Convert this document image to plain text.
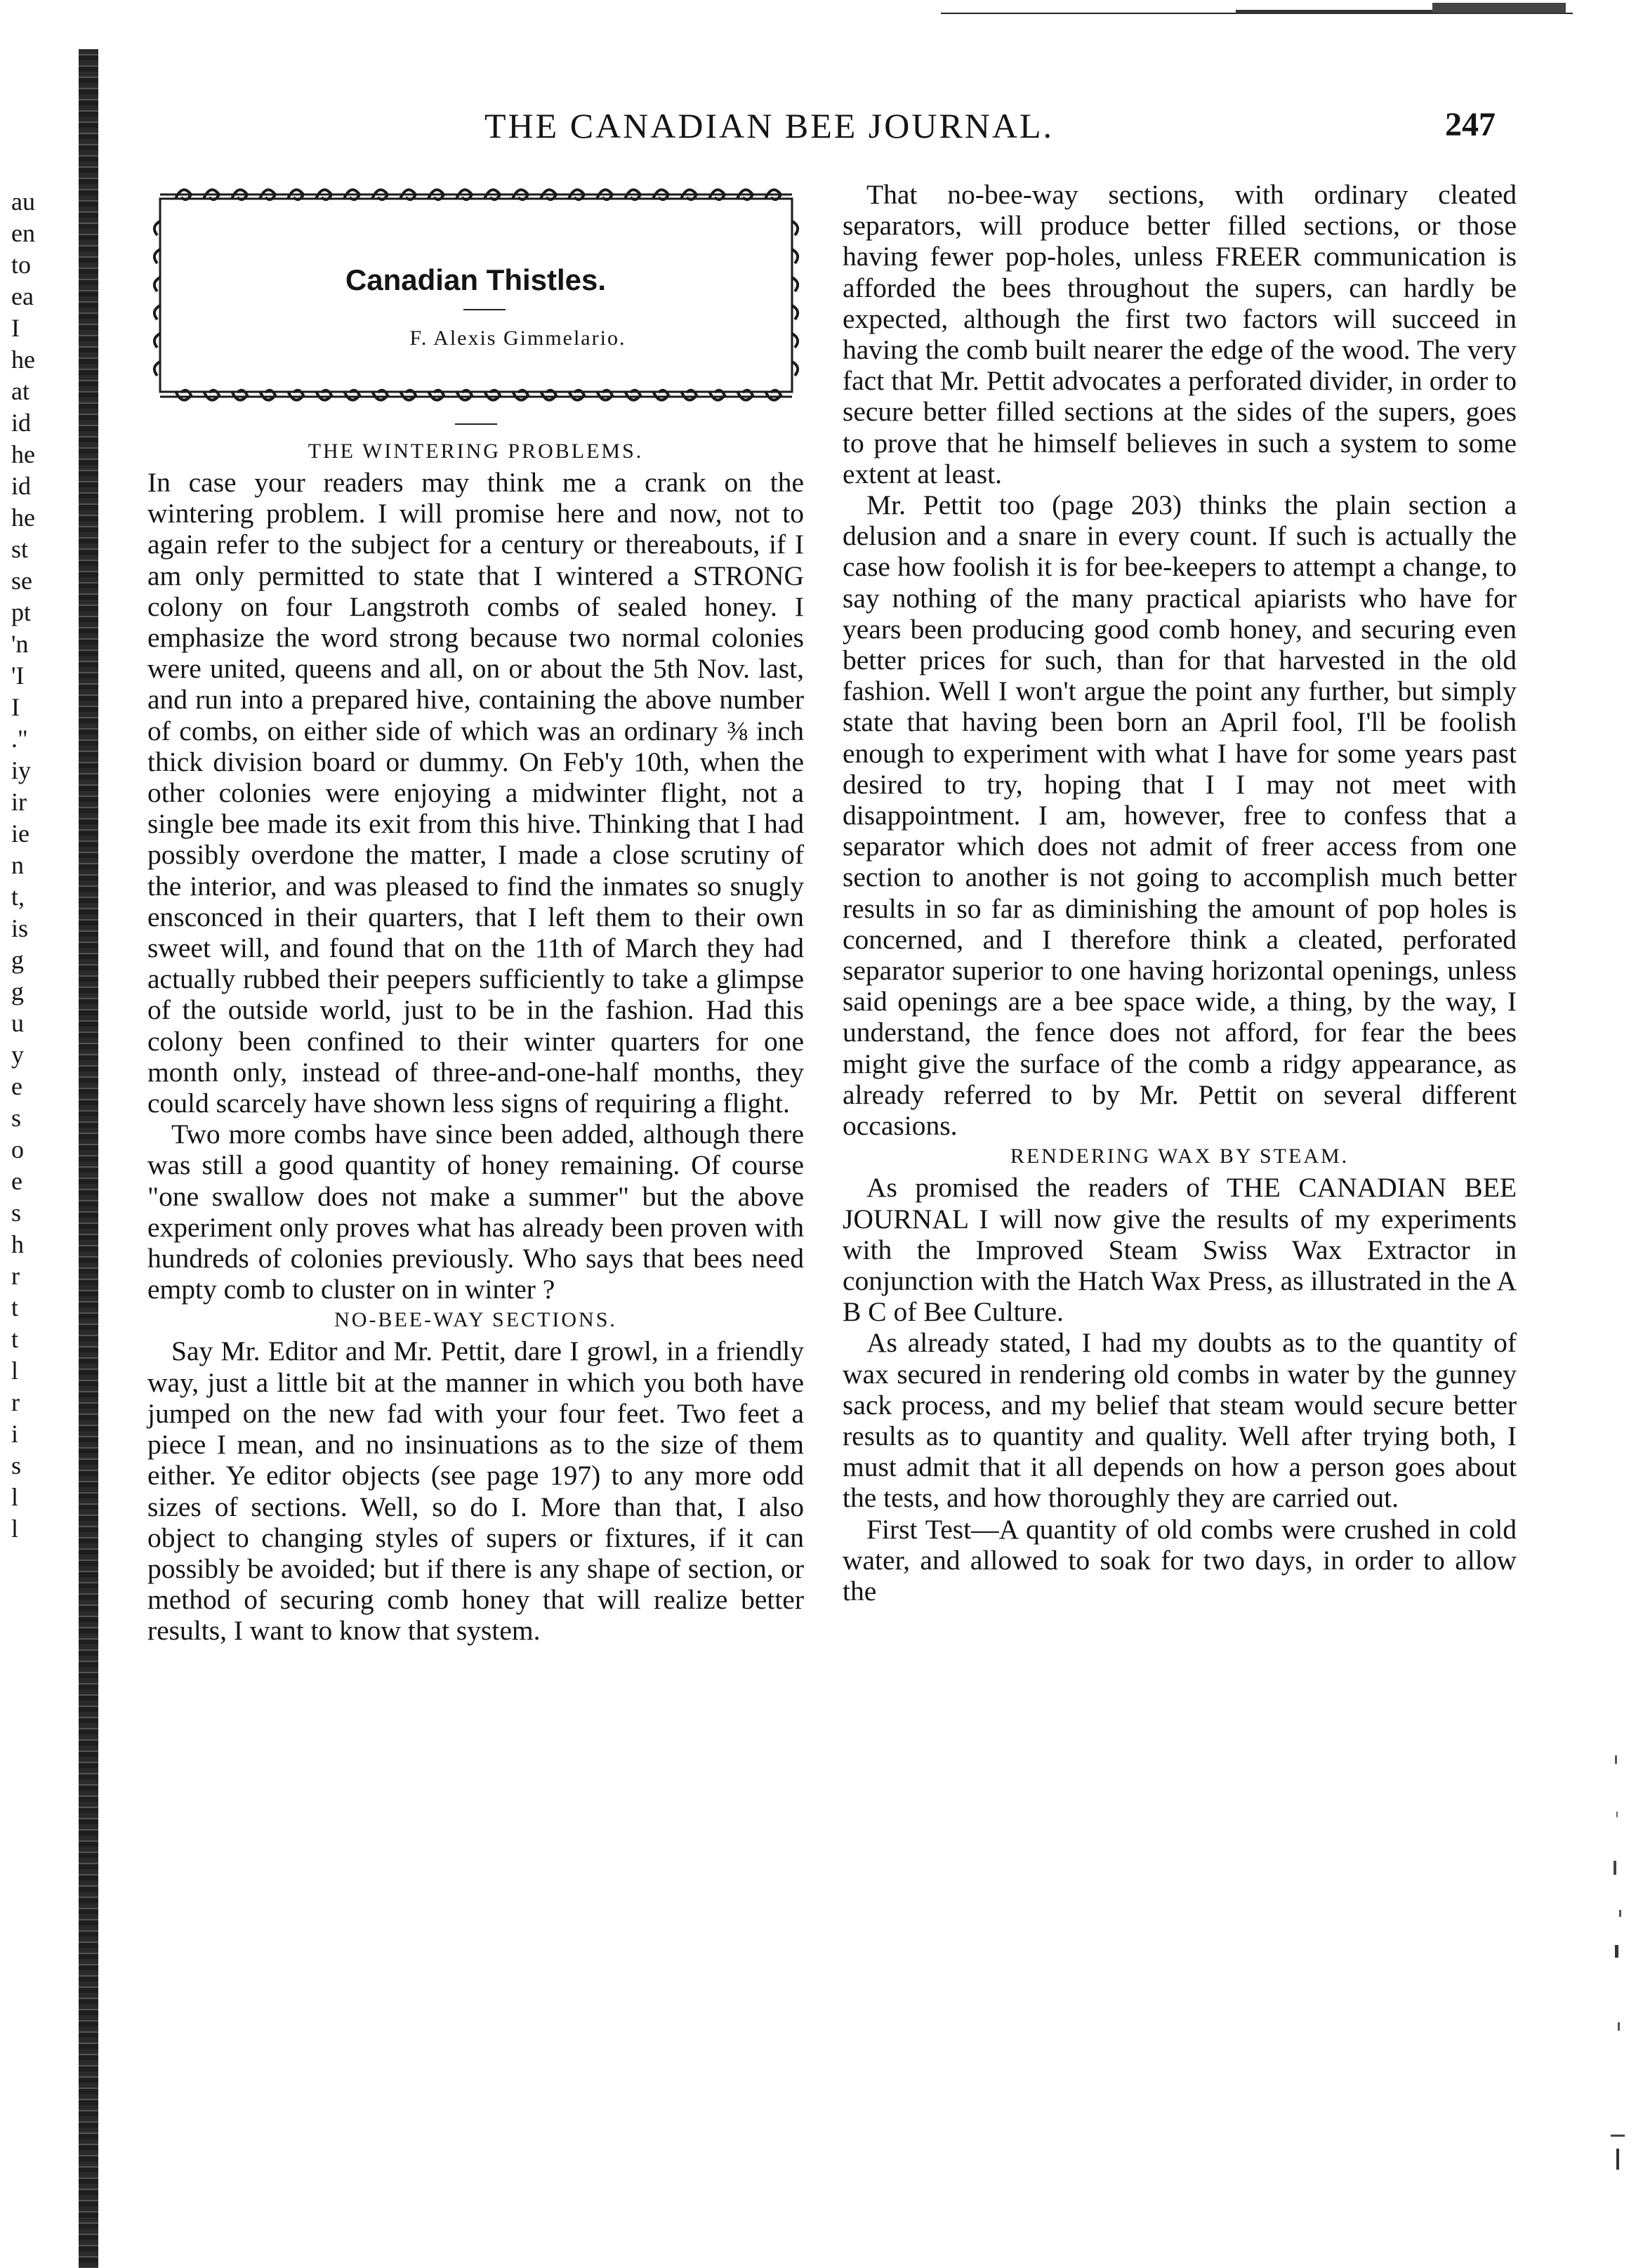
au
en
to
ea
I
he
at
id
he
id
he
st
se
pt
'n
'I
I
."
iy
ir
ie
n
t,
is
g
g
u
y
e
s
o
e
s
h
r
t
t
l
r
i
s
l
l
THE CANADIAN BEE JOURNAL.	247
Canadian Thistles.
F. Alexis Gimmelario.
THE WINTERING PROBLEMS.

In case your readers may think me a crank on the wintering problem. I will promise here and now, not to again refer to the subject for a century or thereabouts, if I am only permitted to state that I wintered a STRONG colony on four Langstroth combs of sealed honey. I emphasize the word strong because two normal colonies were united, queens and all, on or about the 5th Nov. last, and run into a prepared hive, containing the above number of combs, on either side of which was an ordinary ⅜ inch thick division board or dummy. On Feb'y 10th, when the other colonies were enjoying a midwinter flight, not a single bee made its exit from this hive. Thinking that I had possibly overdone the matter, I made a close scrutiny of the interior, and was pleased to find the inmates so snugly ensconced in their quarters, that I left them to their own sweet will, and found that on the 11th of March they had actually rubbed their peepers sufficiently to take a glimpse of the outside world, just to be in the fashion. Had this colony been confined to their winter quarters for one month only, instead of three-and-one-half months, they could scarcely have shown less signs of requiring a flight.

Two more combs have since been added, although there was still a good quantity of honey remaining. Of course "one swallow does not make a summer" but the above experiment only proves what has already been proven with hundreds of colonies previously. Who says that bees need empty comb to cluster on in winter ?

NO-BEE-WAY SECTIONS.

Say Mr. Editor and Mr. Pettit, dare I growl, in a friendly way, just a little bit at the manner in which you both have jumped on the new fad with your four feet. Two feet a piece I mean, and no insinuations as to the size of them either. Ye editor objects (see page 197) to any more odd sizes of sections. Well, so do I. More than that, I also object to changing styles of supers or fixtures, if it can possibly be avoided; but if there is any shape of section, or method of securing comb honey that will realize better results, I want to know that system.

That no-bee-way sections, with ordinary cleated separators, will produce better filled sections, or those having fewer pop-holes, unless FREER communication is afforded the bees throughout the supers, can hardly be expected, although the first two factors will succeed in having the comb built nearer the edge of the wood. The very fact that Mr. Pettit advocates a perforated divider, in order to secure better filled sections at the sides of the supers, goes to prove that he himself believes in such a system to some extent at least.

Mr. Pettit too (page 203) thinks the plain section a delusion and a snare in every count. If such is actually the case how foolish it is for bee-keepers to attempt a change, to say nothing of the many practical apiarists who have for years been producing good comb honey, and securing even better prices for such, than for that harvested in the old fashion. Well I won't argue the point any further, but simply state that having been born an April fool, I'll be foolish enough to experiment with what I have for some years past desired to try, hoping that I I may not meet with disappointment. I am, however, free to confess that a separator which does not admit of freer access from one section to another is not going to accomplish much better results in so far as diminishing the amount of pop holes is concerned, and I therefore think a cleated, perforated separator superior to one having horizontal openings, unless said openings are a bee space wide, a thing, by the way, I understand, the fence does not afford, for fear the bees might give the surface of the comb a ridgy appearance, as already referred to by Mr. Pettit on several different occasions.

RENDERING WAX BY STEAM.

As promised the readers of THE CANADIAN BEE JOURNAL I will now give the results of my experiments with the Improved Steam Swiss Wax Extractor in conjunction with the Hatch Wax Press, as illustrated in the A B C of Bee Culture.

As already stated, I had my doubts as to the quantity of wax secured in rendering old combs in water by the gunney sack process, and my belief that steam would secure better results as to quantity and quality. Well after trying both, I must admit that it all depends on how a person goes about the tests, and how thoroughly they are carried out.

First Test—A quantity of old combs were crushed in cold water, and allowed to soak for two days, in order to allow the
